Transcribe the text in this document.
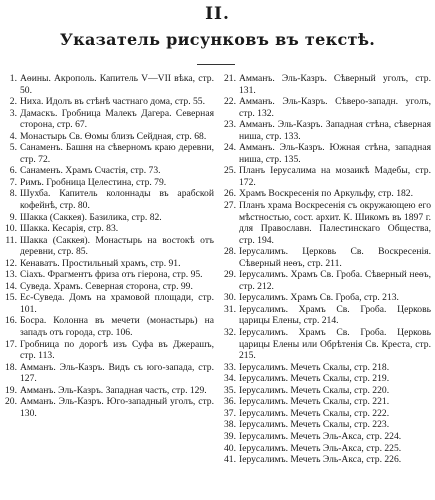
II.
Указатель рисунковъ въ текстѣ.
1. Аѳины. Акрополь. Капитель V—VII вѣка, стр. 50.
2. Ниха. Идолъ въ стѣнѣ частнаго дома, стр. 55.
3. Дамаскъ. Гробница Малекъ Дагера. Северная сторона, стр. 67.
4. Монастырь Св. Ѳомы близъ Сейдная, стр. 68.
5. Санаменъ. Башня на сѣверномъ краю деревни, стр. 72.
6. Санаменъ. Храмъ Счастія, стр. 73.
7. Римъ. Гробница Целестина, стр. 79.
8. Шухба. Капитель колоннады въ арабской кофейнѣ, стр. 80.
9. Шакка (Саккея). Базилика, стр. 82.
10. Шакка. Кесарія, стр. 83.
11. Шакка (Саккея). Монастырь на востокѣ отъ деревни, стр. 85.
12. Кенаватъ. Простильный храмъ, стр. 91.
13. Сіахъ. Фрагментъ фриза отъ гіерона, стр. 95.
14. Суведа. Храмъ. Северная сторона, стр. 99.
15. Ес-Суведа. Домъ на храмовой площади, стр. 101.
16. Босра. Колонна въ мечети (монастырь) на западъ отъ города, стр. 106.
17. Гробница по дорогѣ изъ Суфа въ Джерашъ, стр. 113.
18. Амманъ. Эль-Казръ. Видъ съ юго-запада, стр. 127.
19. Амманъ. Эль-Казръ. Западная часть, стр. 129.
20. Амманъ. Эль-Казръ. Юго-западный уголъ, стр. 130.
21. Амманъ. Эль-Казръ. Сѣверный уголъ, стр. 131.
22. Амманъ. Эль-Казръ. Сѣверо-западн. уголъ, стр. 132.
23. Амманъ. Эль-Казръ. Западная стѣна, сѣверная ниша, стр. 133.
24. Амманъ. Эль-Казръ. Южная стѣна, западная ниша, стр. 135.
25. Планъ Іерусалима на мозаикѣ Мадебы, стр. 172.
26. Храмъ Воскресенія по Аркульфу, стр. 182.
27. Планъ храма Воскресенія съ окружающею его мѣстностью, сост. архит. К. Шикомъ въ 1897 г. для Православн. Палестинскаго Общества, стр. 194.
28. Іерусалимъ. Церковь Св. Воскресенія. Сѣверный неѳъ, стр. 211.
29. Іерусалимъ. Храмъ Св. Гроба. Сѣверный неѳъ, стр. 212.
30. Іерусалимъ. Храмъ Св. Гроба, стр. 213.
31. Іерусалимъ. Храмъ Св. Гроба. Церковь царицы Елены, стр. 214.
32. Іерусалимъ. Храмъ Св. Гроба. Церковь царицы Елены или Обрѣтенія Св. Креста, стр. 215.
33. Іерусалимъ. Мечеть Скалы, стр. 218.
34. Іерусалимъ. Мечеть Скалы, стр. 219.
35. Іерусалимъ. Мечеть Скалы, стр. 220.
36. Іерусалимъ. Мечеть Скалы, стр. 221.
37. Іерусалимъ. Мечеть Скалы, стр. 222.
38. Іерусалимъ. Мечеть Скалы, стр. 223.
39. Іерусалимъ. Мечеть Эль-Акса, стр. 224.
40. Іерусалимъ. Мечеть Эль-Акса, стр. 225.
41. Іерусалимъ. Мечеть Эль-Акса, стр. 226.
